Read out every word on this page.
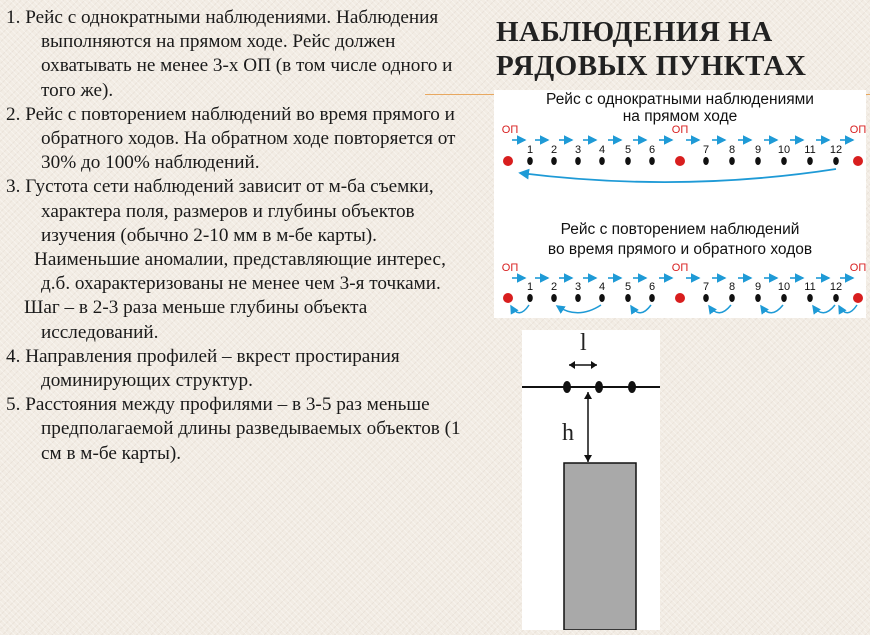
1. Рейс с однократными наблюдениями. Наблюдения выполняются на прямом ходе. Рейс должен охватывать не менее 3-х ОП (в том числе одного и того же).

2. Рейс с повторением наблюдений во время прямого и обратного ходов. На обратном ходе повторяется от 30% до 100% наблюдений.

3. Густота сети наблюдений зависит от м-ба съемки, характера поля, размеров и глубины объектов изучения (обычно 2-10 мм в м-бе карты).

Наименьшие аномалии, представляющие интерес, д.б. охарактеризованы не менее чем 3-я точками.

Шаг – в 2-3 раза меньше глубины объекта исследований.

4. Направления профилей – вкрест простирания доминирующих структур.

5. Расстояния между профилями – в 3-5 раз меньше предполагаемой длины разведываемых объектов (1 см в м-бе карты).

НАБЛЮДЕНИЯ НА РЯДОВЫХ ПУНКТАХ
Рейс с однократными наблюдениями
на прямом ходе
ОП
1 2 3 4 5 6
ОП
7 8 9 10 11 12
ОП
Рейс с повторением наблюдений
во время прямого и обратного ходов
ОП
1 2 3 4 5 6
ОП
7 8 9 10 11 12
ОП
l
h
